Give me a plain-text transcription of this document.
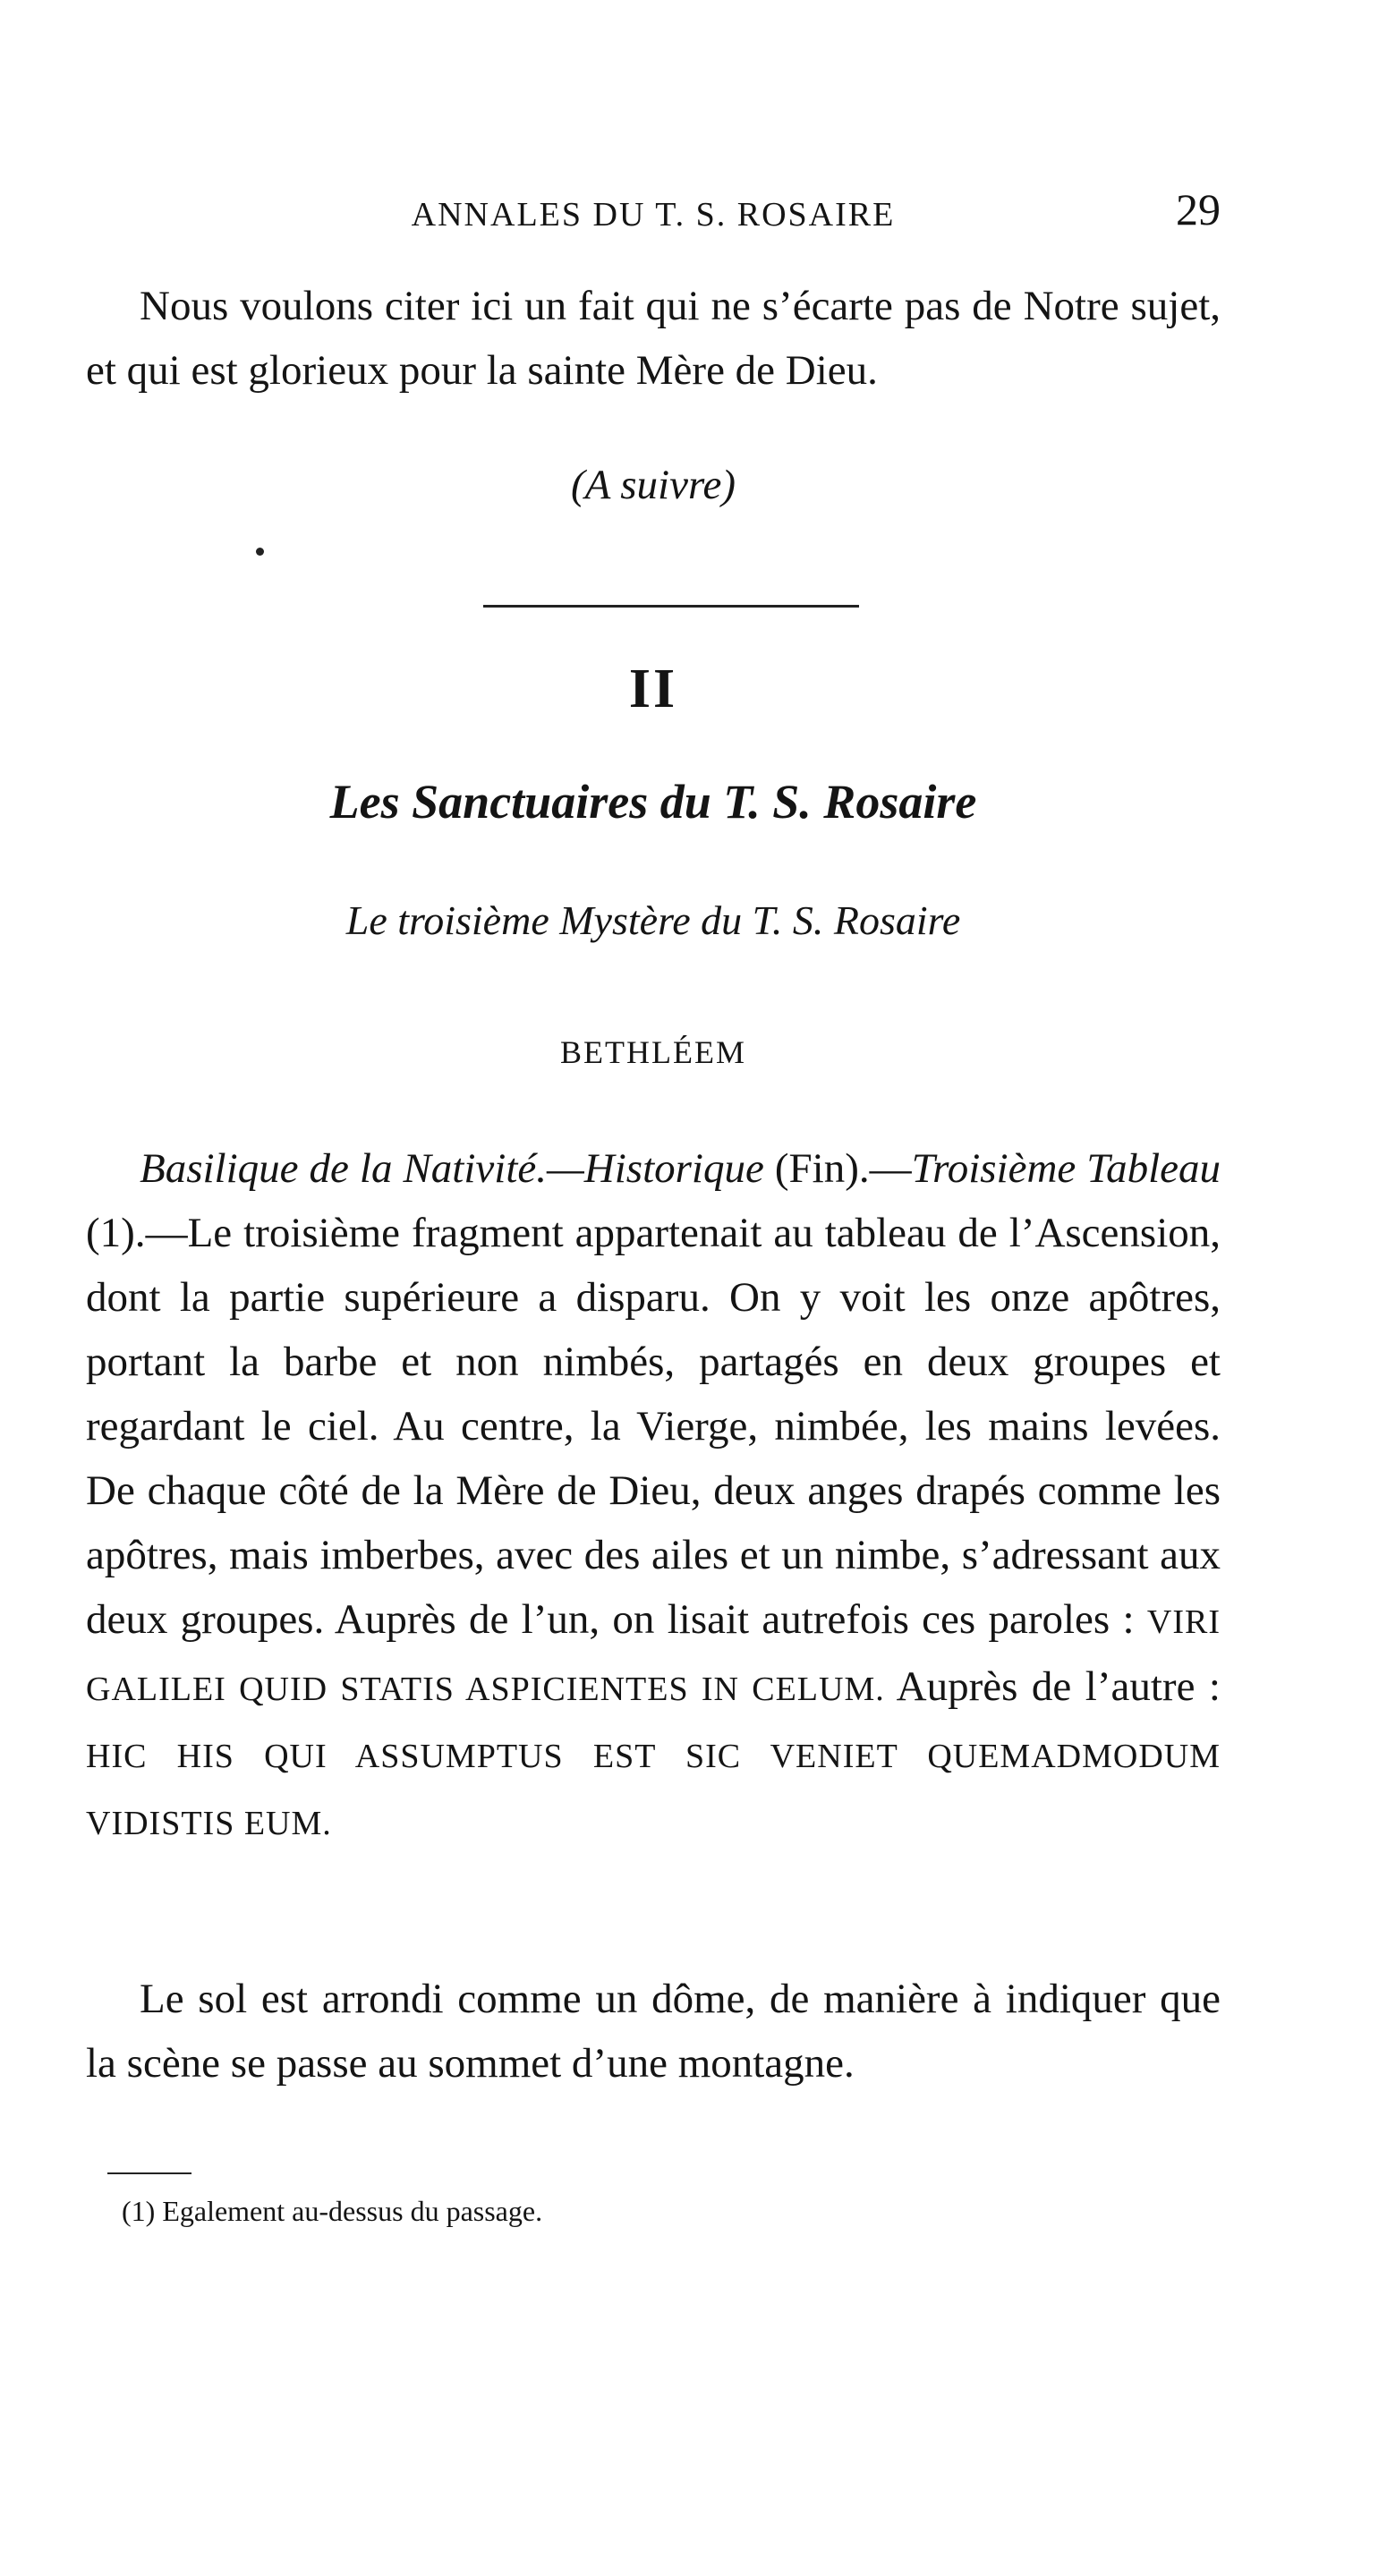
ANNALES DU T. S. ROSAIRE	29

Nous voulons citer ici un fait qui ne s’écarte pas de Notre sujet, et qui est glorieux pour la sainte Mère de Dieu.

(A suivre)
II
Les Sanctuaires du T. S. Rosaire
Le troisième Mystère du T. S. Rosaire
BETHLÉEM

Basilique de la Nativité.—Historique (Fin).—Troisième Tableau (1).—Le troisième fragment appartenait au tableau de l’Ascension, dont la partie supérieure a disparu. On y voit les onze apôtres, portant la barbe et non nimbés, partagés en deux groupes et regardant le ciel. Au centre, la Vierge, nimbée, les mains levées. De chaque côté de la Mère de Dieu, deux anges drapés comme les apôtres, mais imberbes, avec des ailes et un nimbe, s’adressant aux deux groupes. Auprès de l’un, on lisait autrefois ces paroles : VIRI GALILEI QUID STATIS ASPICIENTES IN CELUM. Auprès de l’autre : HIC HIS QUI ASSUMPTUS EST SIC VENIET QUEMADMODUM VIDISTIS EUM.

Le sol est arrondi comme un dôme, de manière à indiquer que la scène se passe au sommet d’une montagne.

(1) Egalement au-dessus du passage.
